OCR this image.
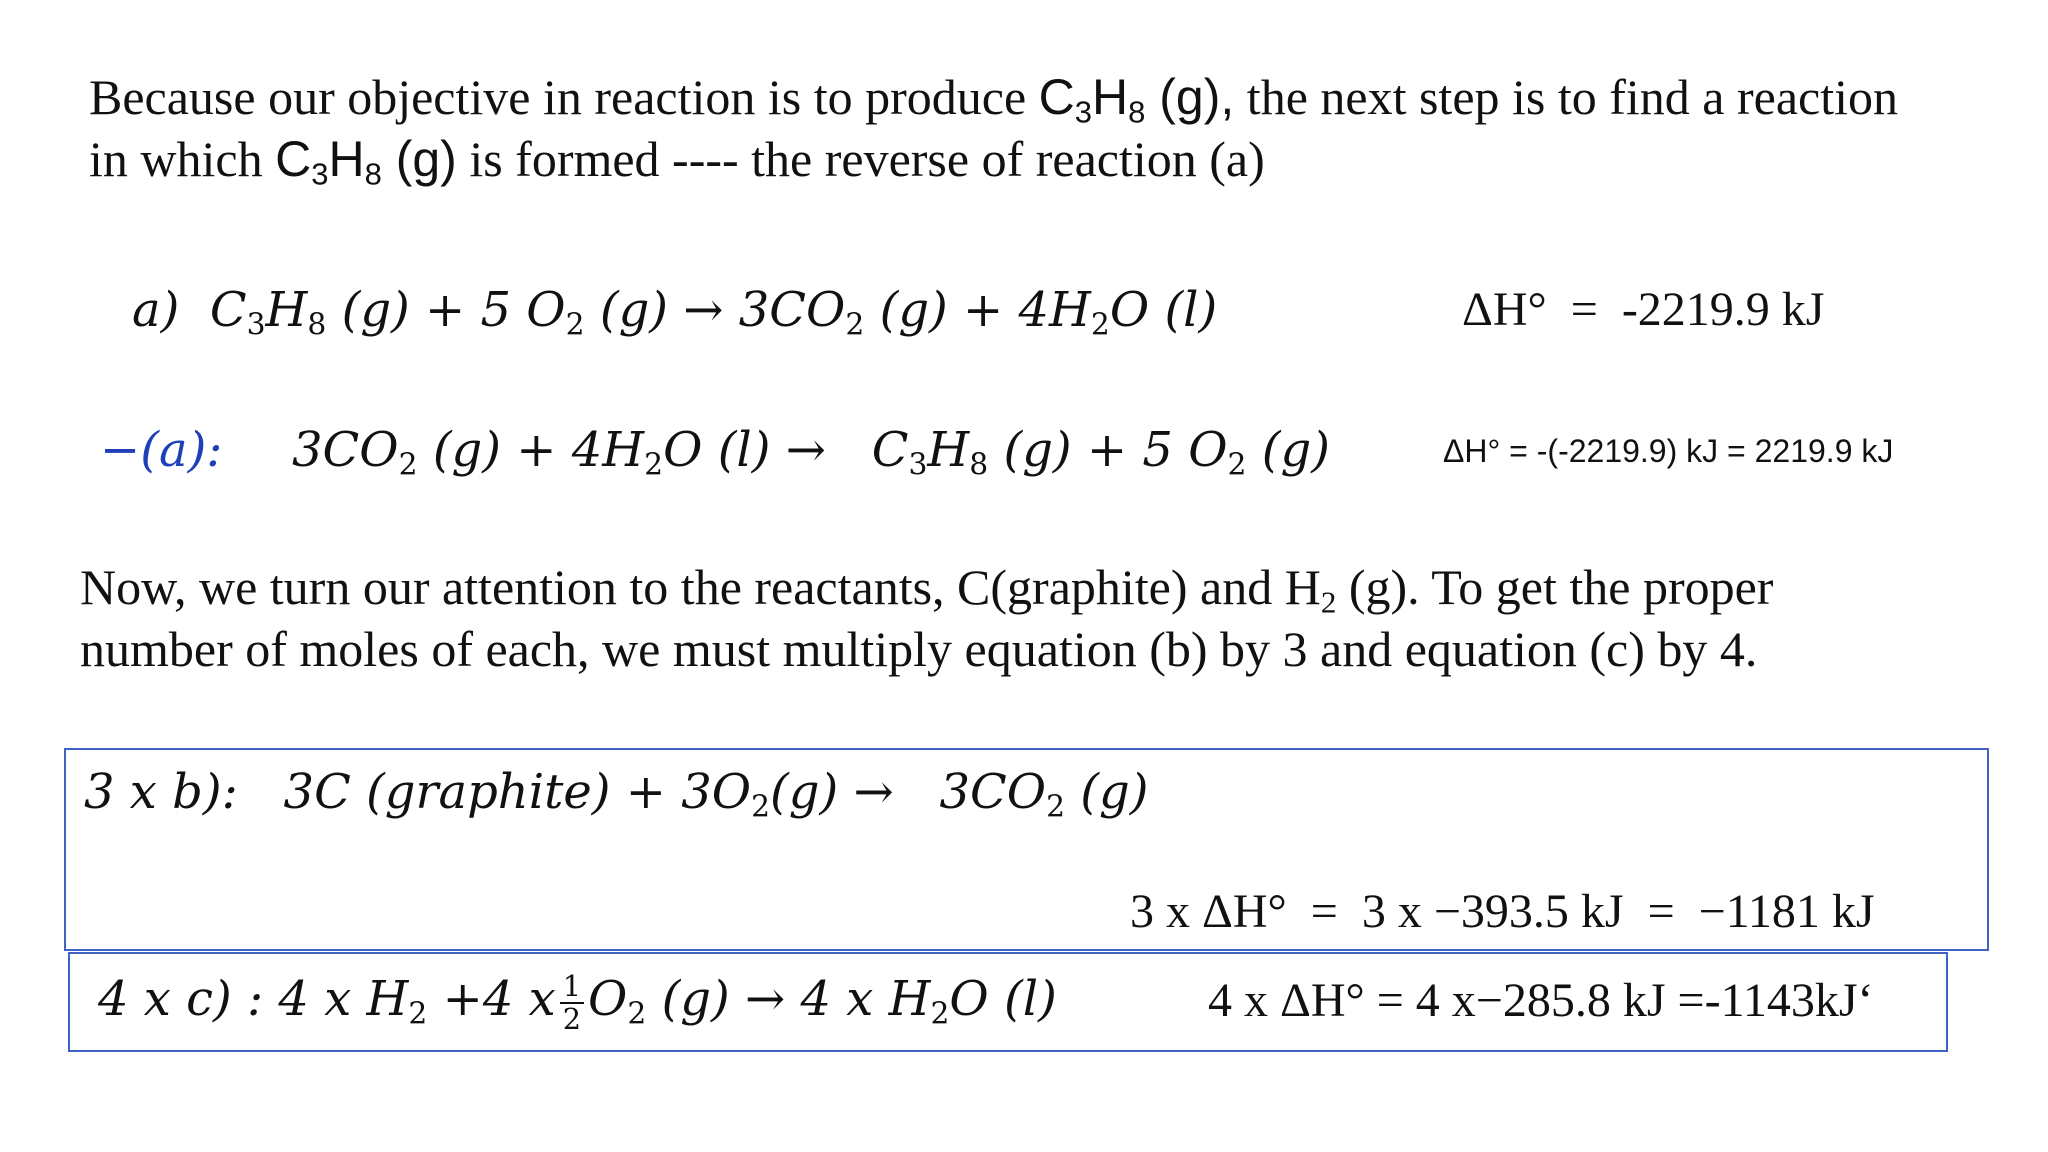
Because our objective in reaction is to produce $C_3H_8$ (g), the next step is to find a reaction
in which $C_3H_8$ (g) is formed ---- the reverse of reaction (a)
a) $C_3H_8$ (g) + 5 $O_2$ $(g) \to 3CO_2$ $(g) + 4H_2O$ (l)	ΔH° = -2219.9 kJ
−(a): $3CO_2$ $(g) + 4H_2O$ $(l) \to C_3H_8$ (g) + 5 $O_2$ (g)	ΔH° = -(-2219.9) kJ = 2219.9 kJ
Now, we turn our attention to the reactants, C(graphite) and $H_2$ (g). To get the proper
number of moles of each, we must multiply equation (b) by 3 and equation (c) by 4.
3 x b): 3C (graphite) + $3O_2(g) \to 3CO_2$ (g)
3 x ΔH° = 3 x −393.5 kJ = −1181 kJ
4 x c) : 4 x $H_2 +4$ x $\frac{1}{2} O_2$ (g) → 4 x $H_2O$ (l)	4 x ΔH° = 4 x−285.8 kJ =-1143kJ‘
